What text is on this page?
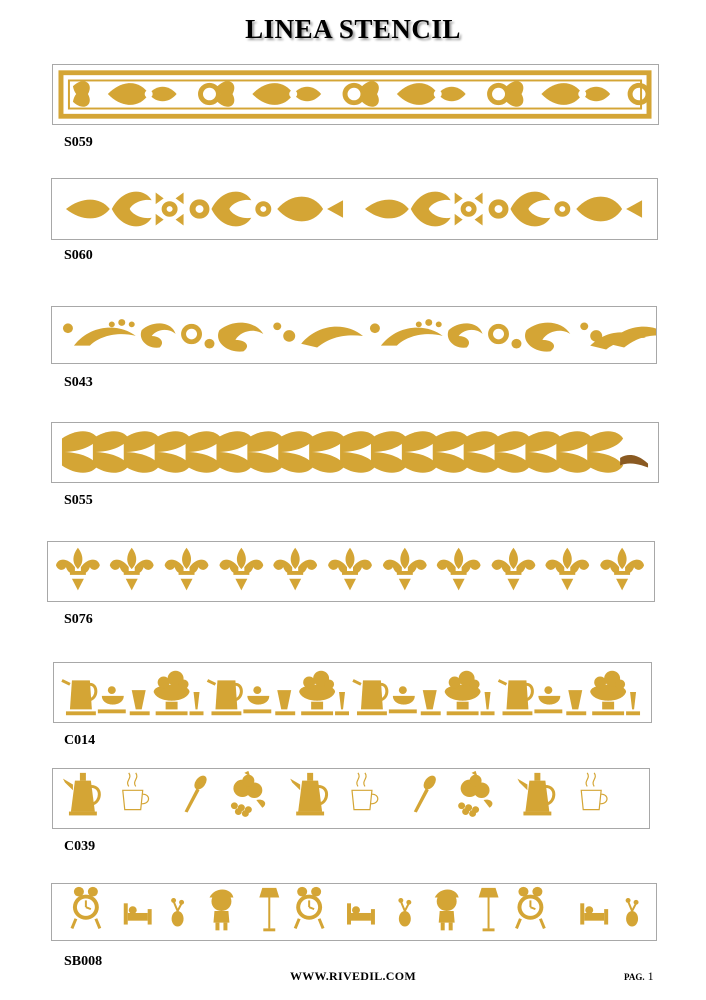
LINEA STENCIL
S059
S060
S043
S055
S076
C014
C039
SB008
WWW.RIVEDIL.COM	PAG. 1
